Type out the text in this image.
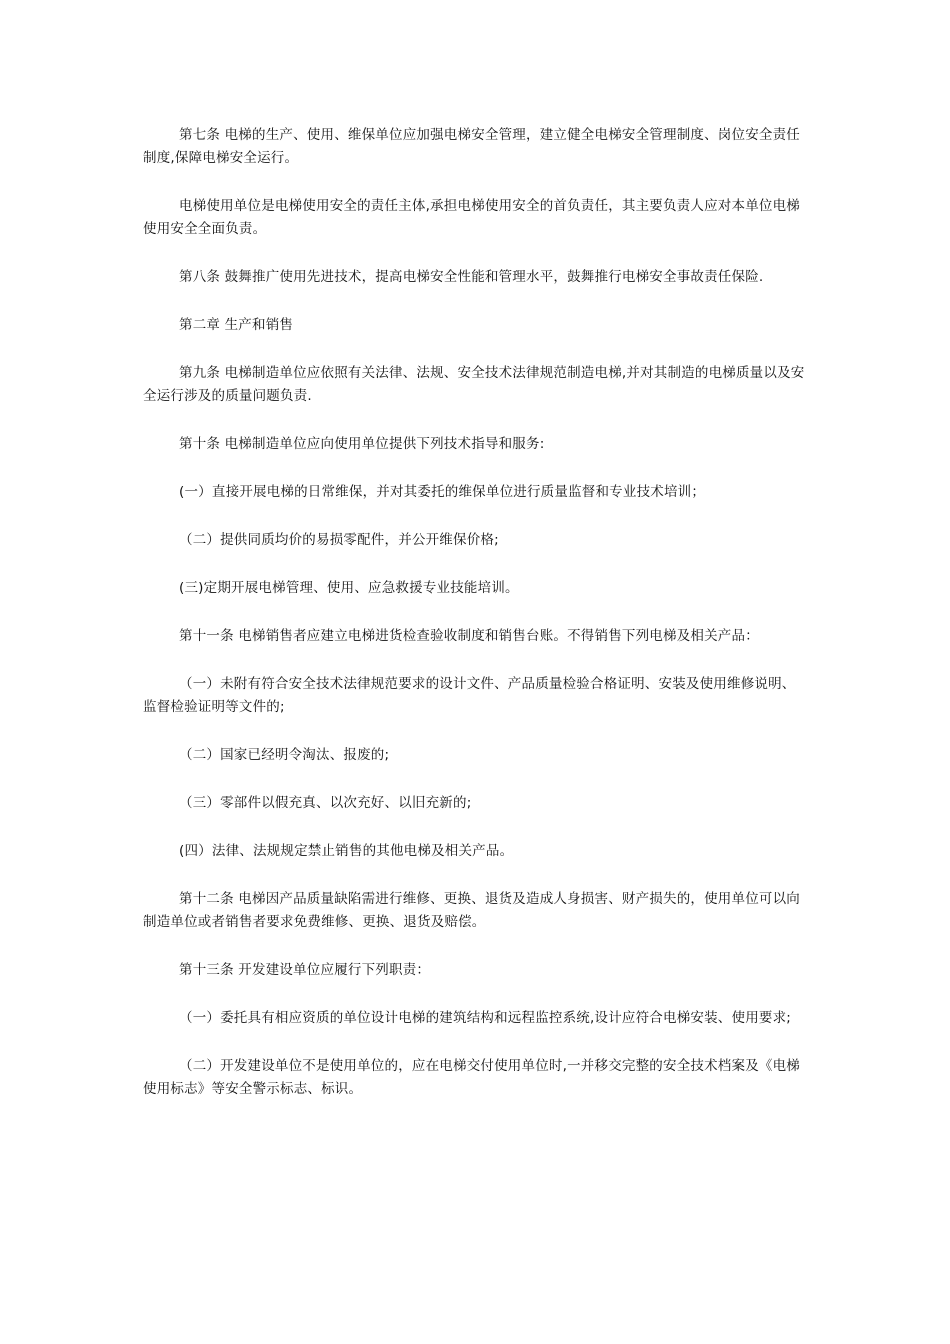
第七条 电梯的生产、使用、维保单位应加强电梯安全管理，建立健全电梯安全管理制度、岗位安全责任制度,保障电梯安全运行。

电梯使用单位是电梯使用安全的责任主体,承担电梯使用安全的首负责任，其主要负责人应对本单位电梯使用安全全面负责。

第八条 鼓舞推广使用先进技术，提高电梯安全性能和管理水平，鼓舞推行电梯安全事故责任保险.

第二章 生产和销售

第九条 电梯制造单位应依照有关法律、法规、安全技术法律规范制造电梯,并对其制造的电梯质量以及安全运行涉及的质量问题负责.

第十条 电梯制造单位应向使用单位提供下列技术指导和服务:

(一）直接开展电梯的日常维保，并对其委托的维保单位进行质量监督和专业技术培训；

（二）提供同质均价的易损零配件，并公开维保价格;

(三)定期开展电梯管理、使用、应急救援专业技能培训。

第十一条 电梯销售者应建立电梯进货检查验收制度和销售台账。不得销售下列电梯及相关产品：

（一）未附有符合安全技术法律规范要求的设计文件、产品质量检验合格证明、安装及使用维修说明、监督检验证明等文件的;

（二）国家已经明令淘汰、报废的;

（三）零部件以假充真、以次充好、以旧充新的;

(四）法律、法规规定禁止销售的其他电梯及相关产品。

第十二条 电梯因产品质量缺陷需进行维修、更换、退货及造成人身损害、财产损失的，使用单位可以向制造单位或者销售者要求免费维修、更换、退货及赔偿。

第十三条 开发建设单位应履行下列职责：

（一）委托具有相应资质的单位设计电梯的建筑结构和远程监控系统,设计应符合电梯安装、使用要求;

（二）开发建设单位不是使用单位的，应在电梯交付使用单位时,一并移交完整的安全技术档案及《电梯使用标志》等安全警示标志、标识。
